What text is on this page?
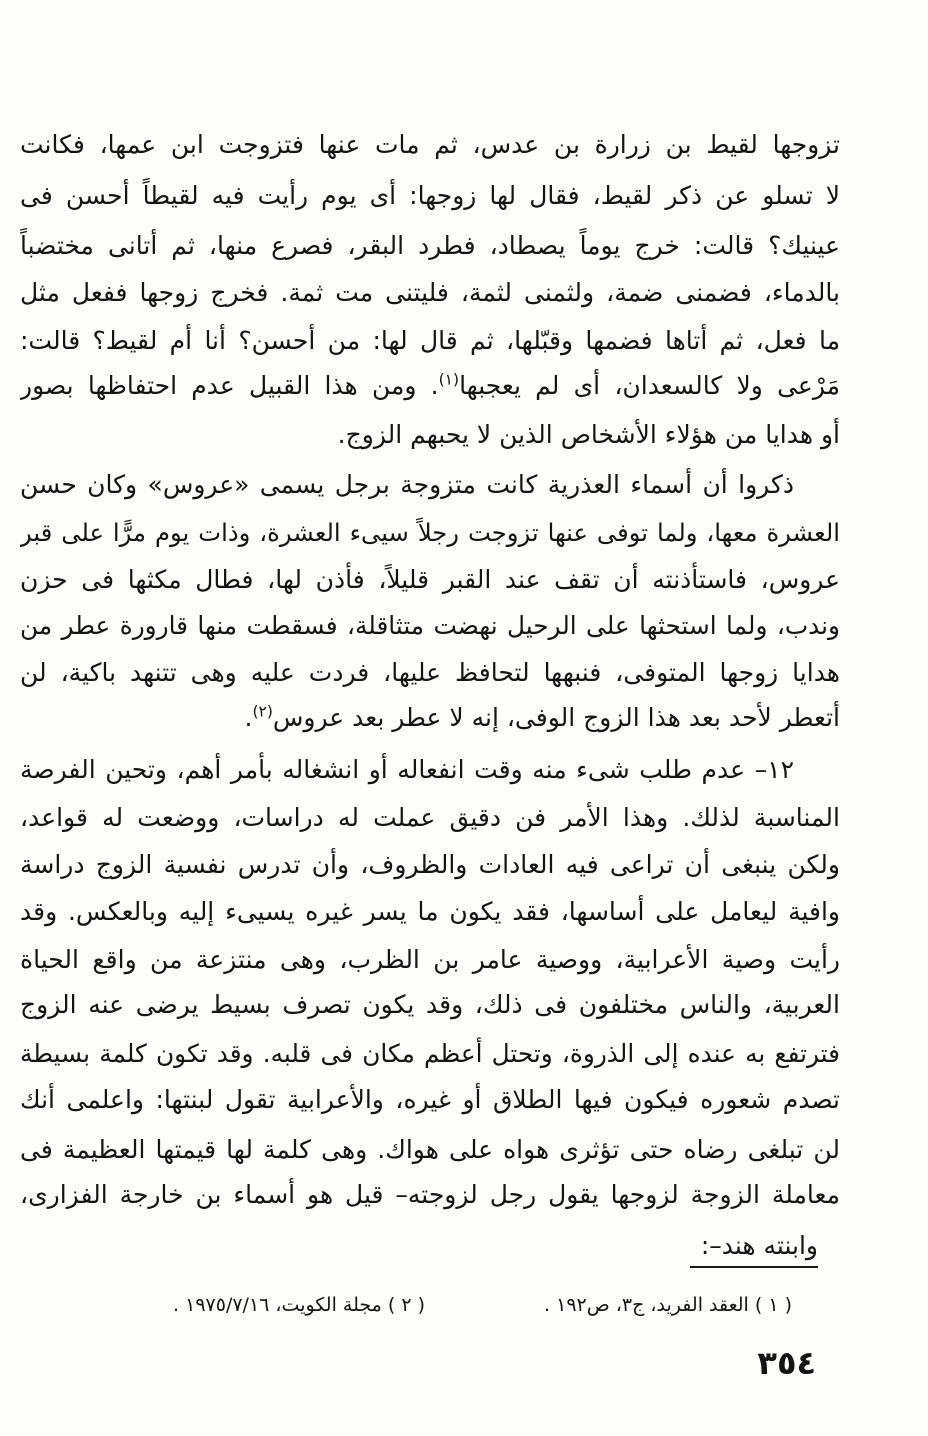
تزوجها لقيط بن زرارة بن عدس، ثم مات عنها فتزوجت ابن عمها، فكانت
لا تسلو عن ذكر لقيط، فقال لها زوجها: أى يوم رأيت فيه لقيطاً أحسن فى
عينيك؟ قالت: خرج يوماً يصطاد، فطرد البقر، فصرع منها، ثم أتانى مختضباً
بالدماء، فضمنى ضمة، ولثمنى لثمة، فليتنى مت ثمة. فخرج زوجها ففعل مثل
ما فعل، ثم أتاها فضمها وقبّلها، ثم قال لها: من أحسن؟ أنا أم لقيط؟ قالت:
مَرْعى ولا كالسعدان، أى لم يعجبها$^{(١)}$. ومن هذا القبيل عدم احتفاظها بصور
أو هدايا من هؤلاء الأشخاص الذين لا يحبهم الزوج.
ذكروا أن أسماء العذرية كانت متزوجة برجل يسمى «عروس» وكان حسن
العشرة معها، ولما توفى عنها تزوجت رجلاً سيىء العشرة، وذات يوم مرًّا على قبر
عروس، فاستأذنته أن تقف عند القبر قليلاً، فأذن لها، فطال مكثها فى حزن
وندب، ولما استحثها على الرحيل نهضت متثاقلة، فسقطت منها قارورة عطر من
هدايا زوجها المتوفى، فنبهها لتحافظ عليها، فردت عليه وهى تتنهد باكية، لن
أتعطر لأحد بعد هذا الزوج الوفى، إنه لا عطر بعد عروس$^{(٢)}$.
١٢– عدم طلب شىء منه وقت انفعاله أو انشغاله بأمر أهم، وتحين الفرصة
المناسبة لذلك. وهذا الأمر فن دقيق عملت له دراسات، ووضعت له قواعد،
ولكن ينبغى أن تراعى فيه العادات والظروف، وأن تدرس نفسية الزوج دراسة
وافية ليعامل على أساسها، فقد يكون ما يسر غيره يسيىء إليه وبالعكس. وقد
رأيت وصية الأعرابية، ووصية عامر بن الظرب، وهى منتزعة من واقع الحياة
العربية، والناس مختلفون فى ذلك، وقد يكون تصرف بسيط يرضى عنه الزوج
فترتفع به عنده إلى الذروة، وتحتل أعظم مكان فى قلبه. وقد تكون كلمة بسيطة
تصدم شعوره فيكون فيها الطلاق أو غيره، والأعرابية تقول لبنتها: واعلمى أنك
لن تبلغى رضاه حتى تؤثرى هواه على هواك. وهى كلمة لها قيمتها العظيمة فى
معاملة الزوجة لزوجها يقول رجل لزوجته– قيل هو أسماء بن خارجة الفزارى،
وابنته هند–:
( ١ ) العقد الفريد، ج٣، ص١٩٢ .
( ٢ ) مجلة الكويت، ١٩٧٥/٧/١٦ .
٣٥٤
